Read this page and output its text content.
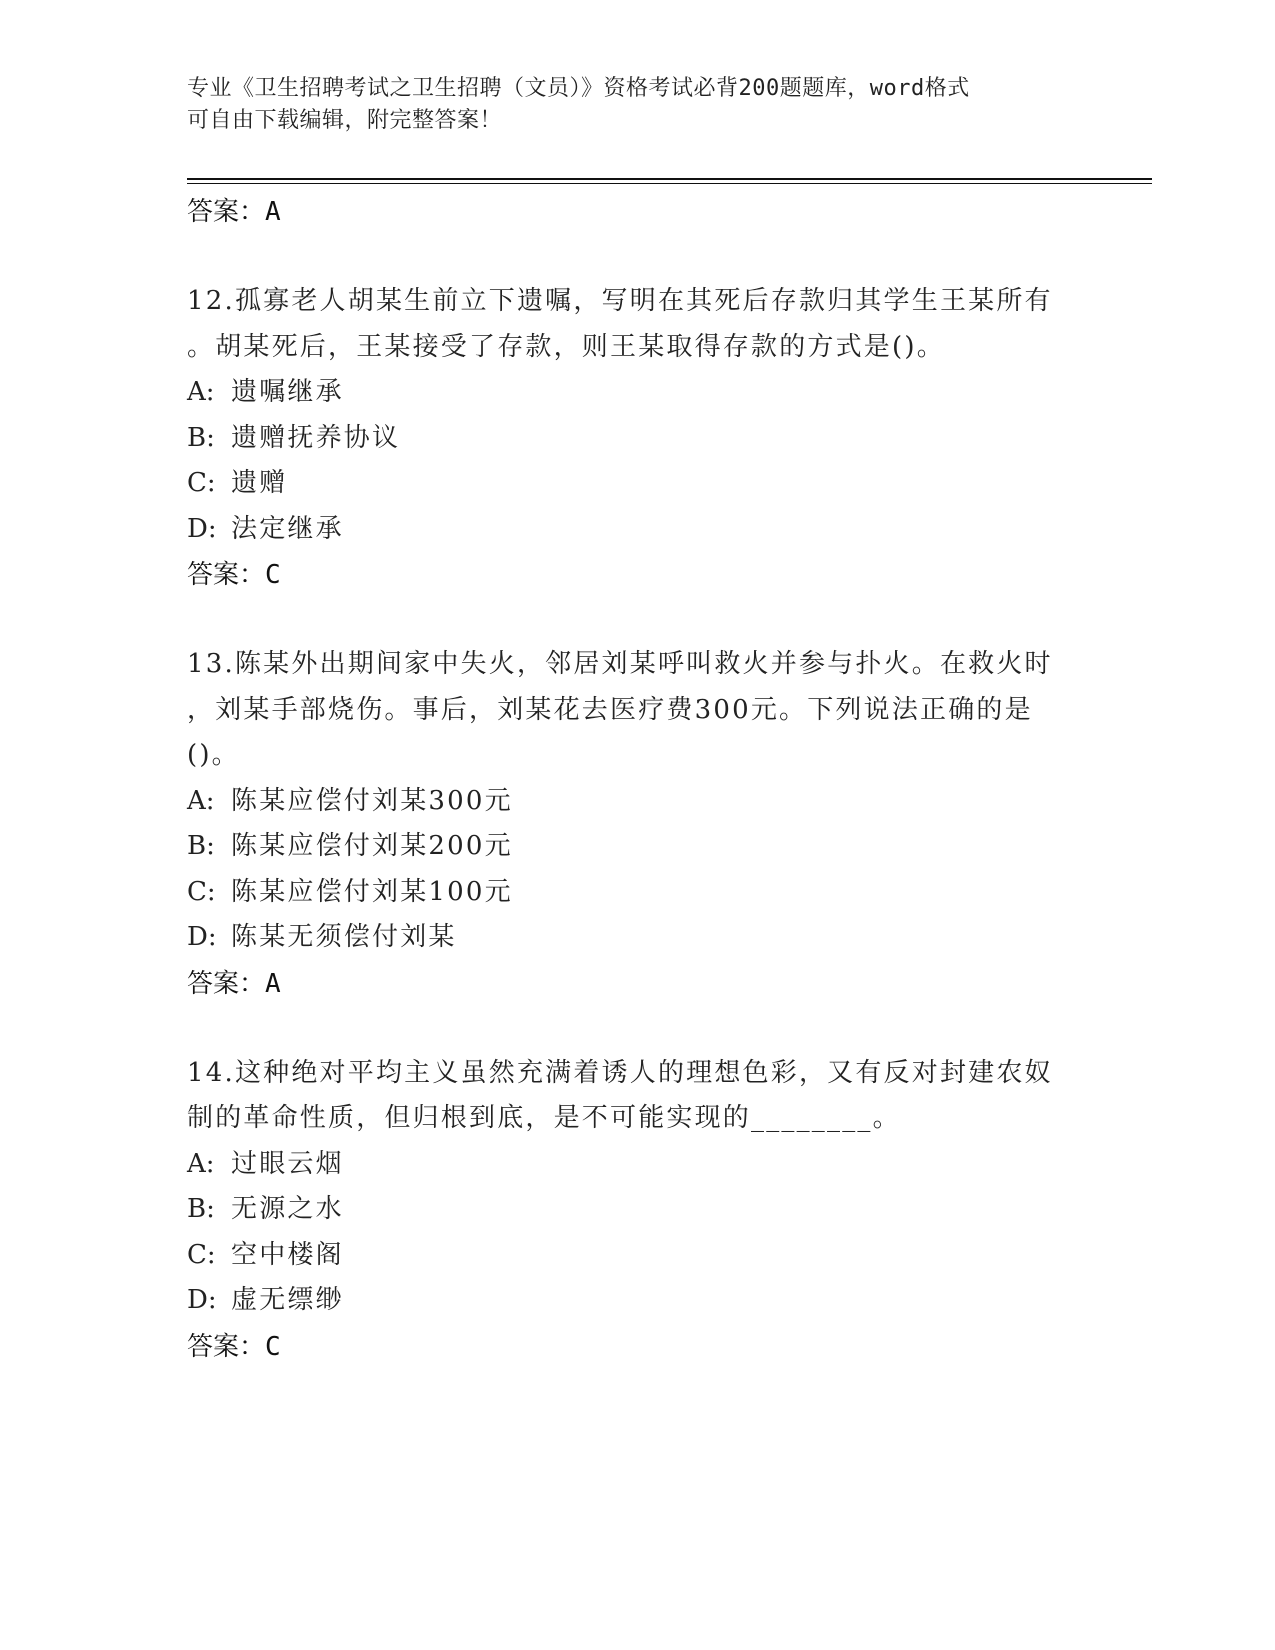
专业《卫生招聘考试之卫生招聘（文员）》资格考试必背200题题库，word格式
可自由下载编辑，附完整答案！
答案：A
12.孤寡老人胡某生前立下遗嘱，写明在其死后存款归其学生王某所有
。胡某死后，王某接受了存款，则王某取得存款的方式是()。
A: 遗嘱继承
B: 遗赠抚养协议
C: 遗赠
D: 法定继承
答案：C
13.陈某外出期间家中失火，邻居刘某呼叫救火并参与扑火。在救火时
，刘某手部烧伤。事后，刘某花去医疗费300元。下列说法正确的是
()。
A: 陈某应偿付刘某300元
B: 陈某应偿付刘某200元
C: 陈某应偿付刘某100元
D: 陈某无须偿付刘某
答案：A
14.这种绝对平均主义虽然充满着诱人的理想色彩，又有反对封建农奴
制的革命性质，但归根到底，是不可能实现的________。
A: 过眼云烟
B: 无源之水
C: 空中楼阁
D: 虚无缥缈
答案：C
